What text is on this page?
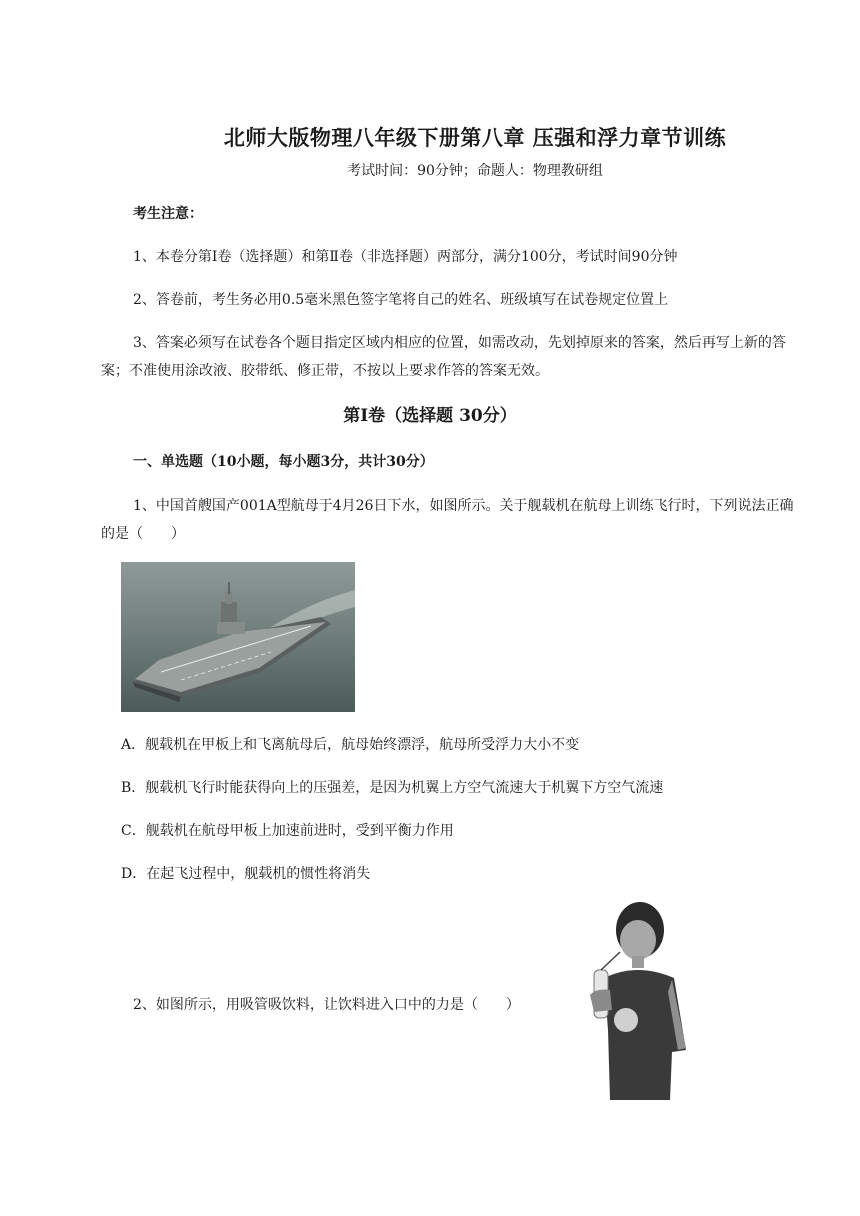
北师大版物理八年级下册第八章 压强和浮力章节训练

考试时间：90分钟；命题人：物理教研组

考生注意：

1、本卷分第Ⅰ卷（选择题）和第Ⅱ卷（非选择题）两部分，满分100分，考试时间90分钟

2、答卷前，考生务必用0.5毫米黑色签字笔将自己的姓名、班级填写在试卷规定位置上

3、答案必须写在试卷各个题目指定区域内相应的位置，如需改动，先划掉原来的答案，然后再写上新的答案；不准使用涂改液、胶带纸、修正带，不按以上要求作答的答案无效。

第Ⅰ卷（选择题 30分）

一、单选题（10小题，每小题3分，共计30分）

1、中国首艘国产001A型航母于4月26日下水，如图所示。关于舰载机在航母上训练飞行时，下列说法正确的是（　　）

A．舰载机在甲板上和飞离航母后，航母始终漂浮，航母所受浮力大小不变

B．舰载机飞行时能获得向上的压强差，是因为机翼上方空气流速大于机翼下方空气流速

C．舰载机在航母甲板上加速前进时，受到平衡力作用

D．在起飞过程中，舰载机的惯性将消失

2、如图所示，用吸管吸饮料，让饮料进入口中的力是（　　）
